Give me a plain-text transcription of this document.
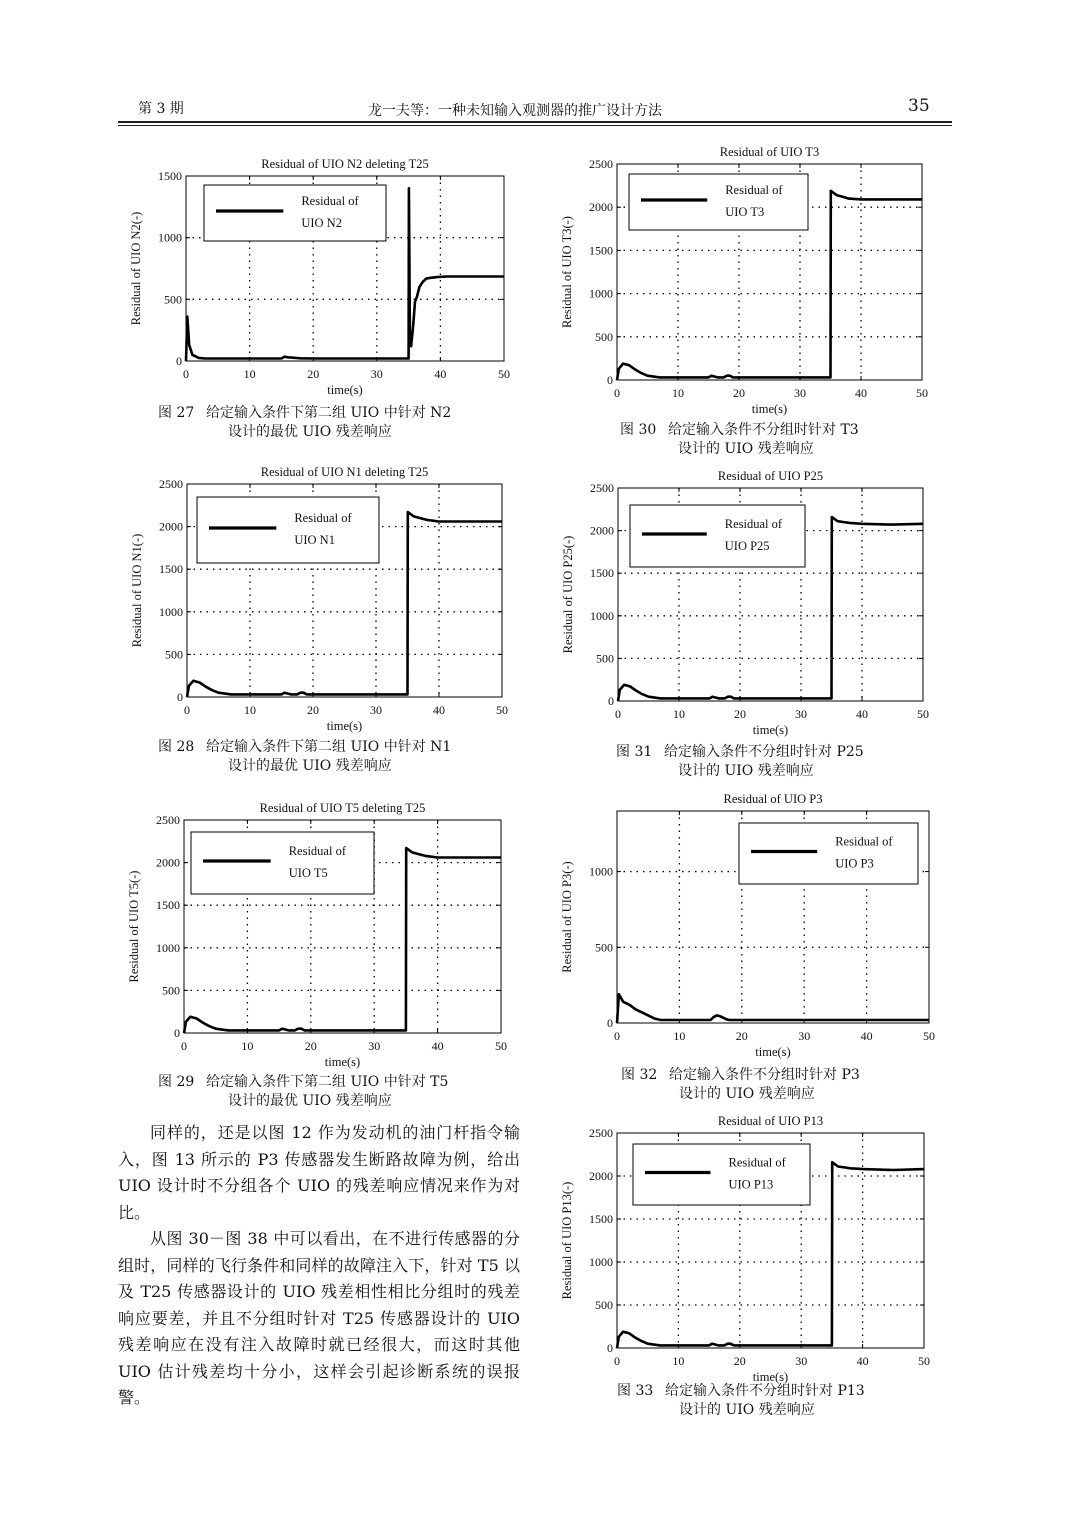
第 3 期	龙一夫等：一种未知输入观测器的推广设计方法	35
0	10	20	30	40	50
0
500
1000
1500
Residual of UIO N2 deleting T25
time(s)
Residual of UIO N2(-)
Residual of
UIO N2
0	10	20	30	40	50
0
500
1000
1500
2000
2500
Residual of UIO N1 deleting T25
time(s)
Residual of UIO N1(-)
Residual of
UIO N1
0	10	20	30	40	50
0
500
1000
1500
2000
2500
Residual of UIO T5 deleting T25
time(s)
Residual of UIO T5(-)
Residual of
UIO T5
0	10	20	30	40	50
0
500
1000
1500
2000
2500
Residual of UIO T3
time(s)
Residual of UIO T3(-)
Residual of
UIO T3
0	10	20	30	40	50
0
500
1000
1500
2000
2500
Residual of UIO P25
time(s)
Residual of UIO P25(-)
Residual of
UIO P25
0	10	20	30	40	50
0
500
1000
Residual of UIO P3
time(s)
Residual of UIO P3(-)
Residual of
UIO P3
0	10	20	30	40	50
0
500
1000
1500
2000
2500
Residual of UIO P13
time(s)
Residual of UIO P13(-)
Residual of
UIO P13
图 27 给定输入条件下第二组 UIO 中针对 N2
设计的最优 UIO 残差响应
图 28 给定输入条件下第二组 UIO 中针对 N1
设计的最优 UIO 残差响应
图 29 给定输入条件下第二组 UIO 中针对 T5
设计的最优 UIO 残差响应
图 30 给定输入条件不分组时针对 T3
设计的 UIO 残差响应
图 31 给定输入条件不分组时针对 P25
设计的 UIO 残差响应
图 32 给定输入条件不分组时针对 P3
设计的 UIO 残差响应
图 33 给定输入条件不分组时针对 P13
设计的 UIO 残差响应

同样的，还是以图 12 作为发动机的油门杆指令输入，图 13 所示的 P3 传感器发生断路故障为例，给出 UIO 设计时不分组各个 UIO 的残差响应情况来作为对比。

从图 30－图 38 中可以看出，在不进行传感器的分组时，同样的飞行条件和同样的故障注入下，针对 T5 以及 T25 传感器设计的 UIO 残差相性相比分组时的残差响应要差，并且不分组时针对 T25 传感器设计的 UIO 残差响应在没有注入故障时就已经很大，而这时其他 UIO 估计残差均十分小，这样会引起诊断系统的误报警。
